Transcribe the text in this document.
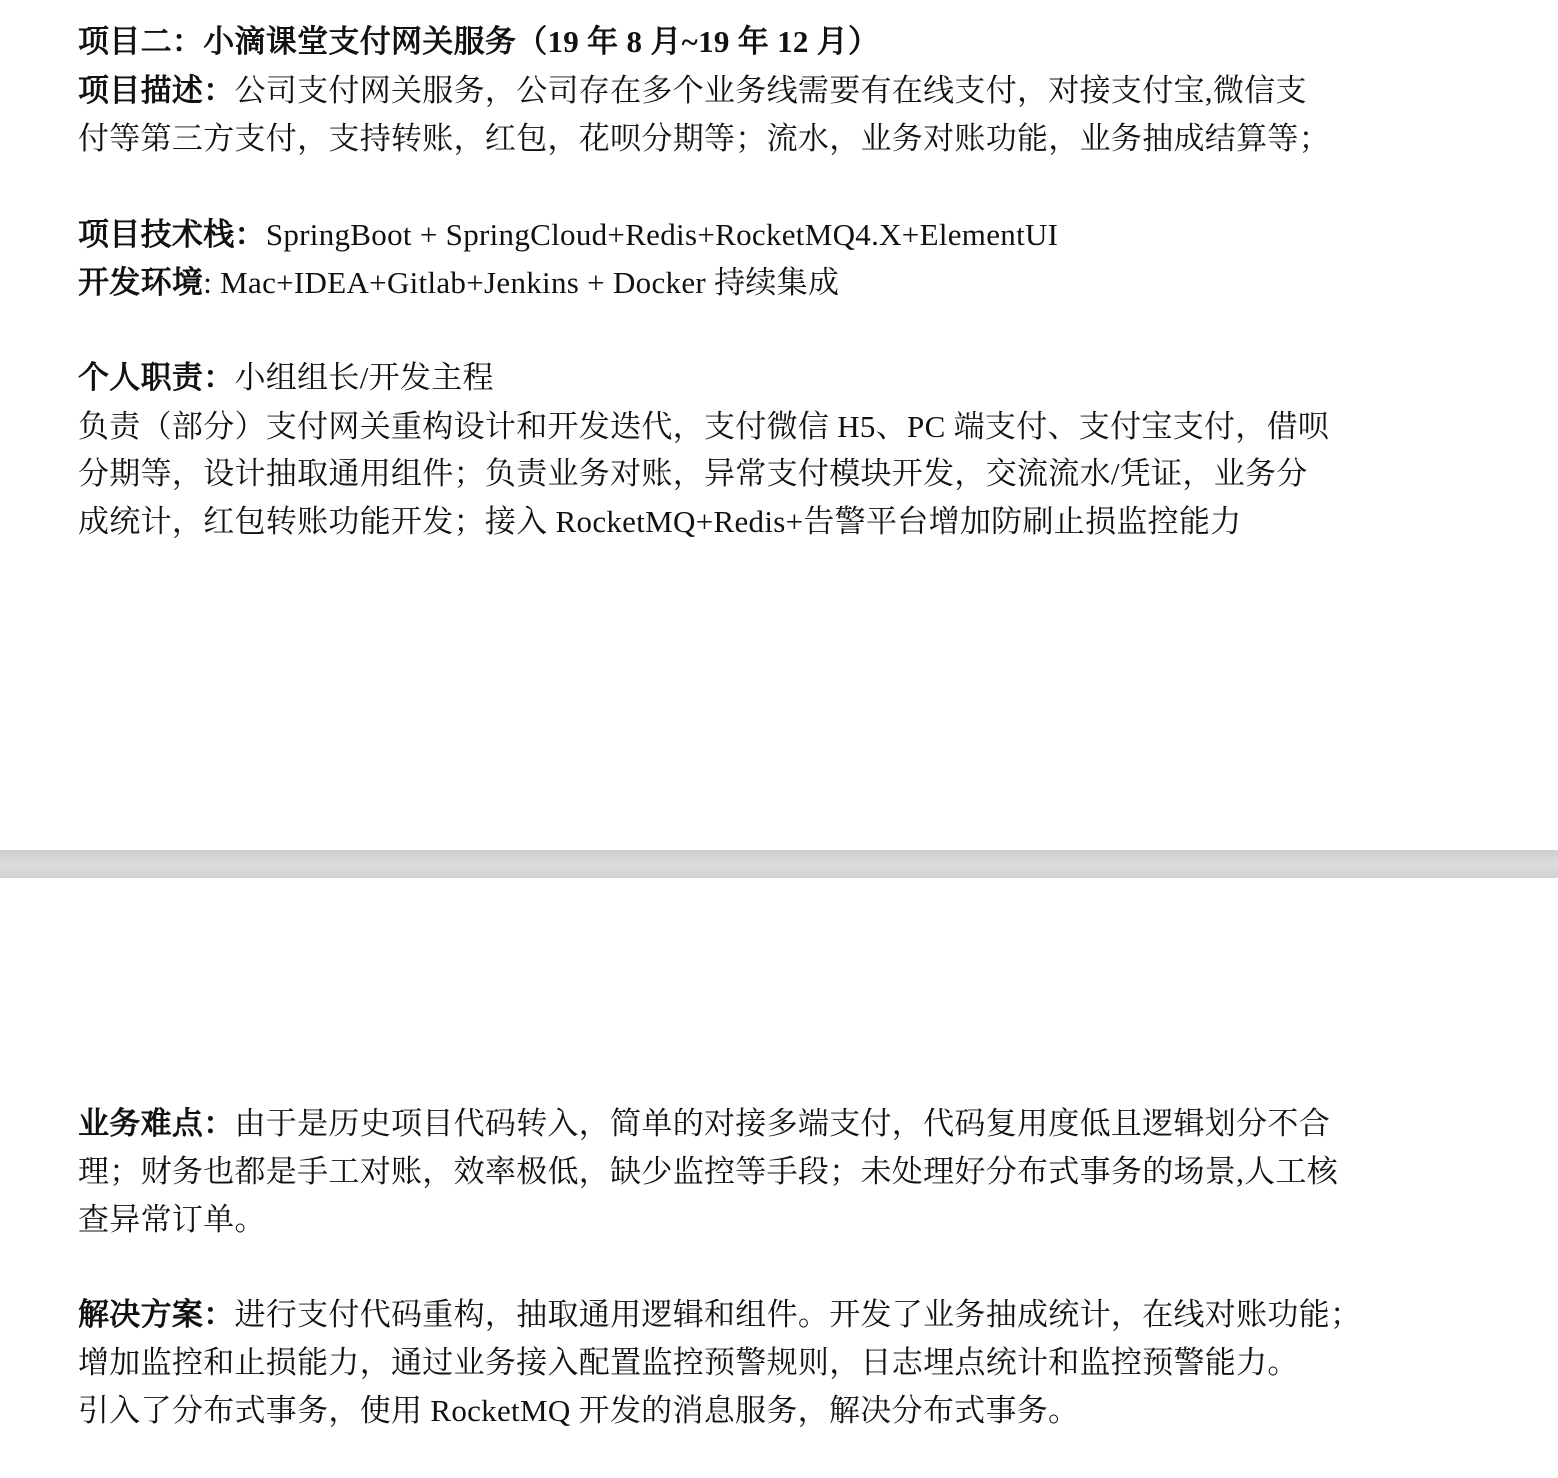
项目二：小滴课堂支付网关服务（19 年 8 月~19 年 12 月）
项目描述：公司支付网关服务，公司存在多个业务线需要有在线支付，对接支付宝,微信支
付等第三方支付，支持转账，红包，花呗分期等；流水，业务对账功能，业务抽成结算等；
项目技术栈：SpringBoot + SpringCloud+Redis+RocketMQ4.X+ElementUI
开发环境: Mac+IDEA+Gitlab+Jenkins + Docker 持续集成
个人职责：小组组长/开发主程
负责（部分）支付网关重构设计和开发迭代，支付微信 H5、PC 端支付、支付宝支付，借呗
分期等，设计抽取通用组件；负责业务对账，异常支付模块开发，交流流水/凭证，业务分
成统计，红包转账功能开发；接入 RocketMQ+Redis+告警平台增加防刷止损监控能力
业务难点：由于是历史项目代码转入，简单的对接多端支付，代码复用度低且逻辑划分不合
理；财务也都是手工对账，效率极低，缺少监控等手段；未处理好分布式事务的场景,人工核
查异常订单。
解决方案：进行支付代码重构，抽取通用逻辑和组件。开发了业务抽成统计，在线对账功能；
增加监控和止损能力，通过业务接入配置监控预警规则，日志埋点统计和监控预警能力。
引入了分布式事务，使用 RocketMQ 开发的消息服务，解决分布式事务。
